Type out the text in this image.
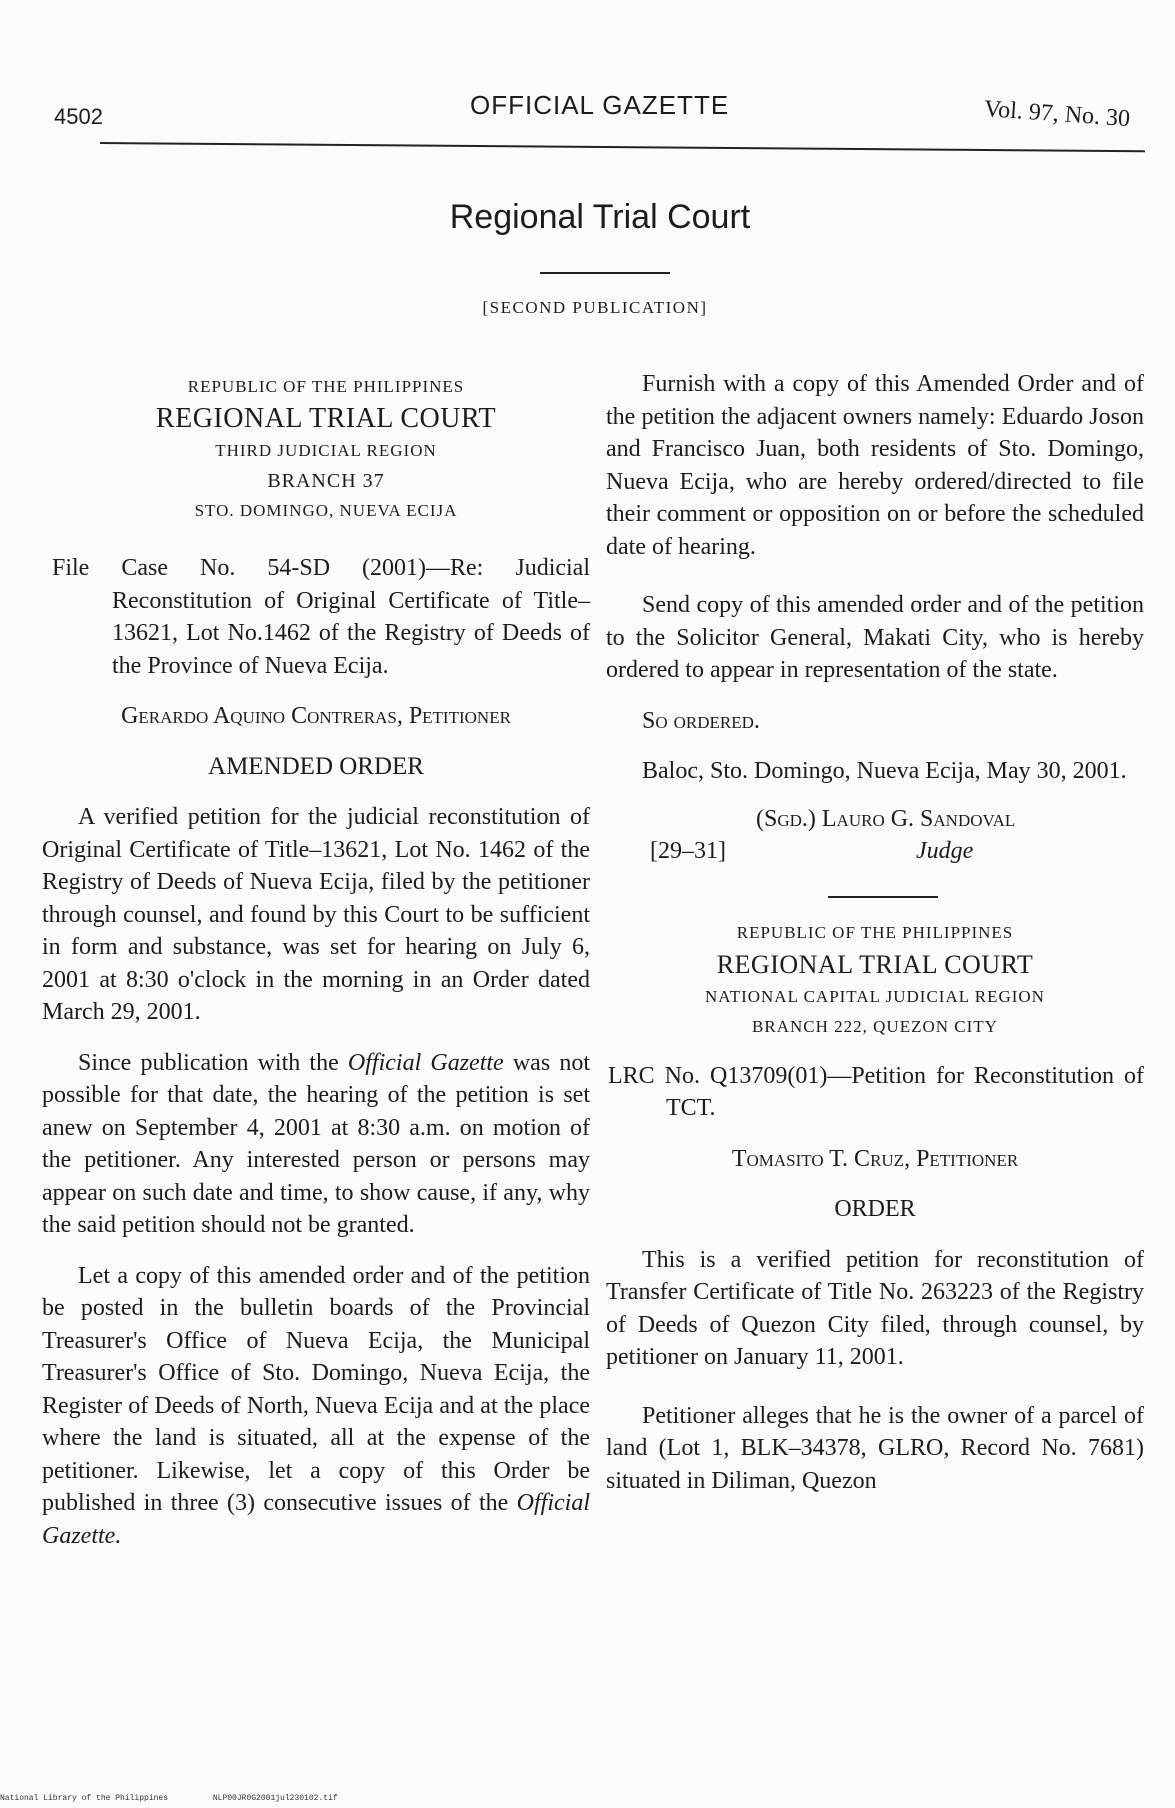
4502	OFFICIAL GAZETTE	Vol. 97, No. 30
Regional Trial Court
[SECOND PUBLICATION]
REPUBLIC OF THE PHILIPPINES
REGIONAL TRIAL COURT
THIRD JUDICIAL REGION
BRANCH 37
STO. DOMINGO, NUEVA ECIJA

File Case No. 54-SD (2001)—Re: Judicial Reconstitution of Original Certificate of Title–13621, Lot No.1462 of the Registry of Deeds of the Province of Nueva Ecija.

Gerardo Aquino Contreras, Petitioner

AMENDED ORDER

A verified petition for the judicial reconstitution of Original Certificate of Title–13621, Lot No. 1462 of the Registry of Deeds of Nueva Ecija, filed by the petitioner through counsel, and found by this Court to be sufficient in form and substance, was set for hearing on July 6, 2001 at 8:30 o'clock in the morning in an Order dated March 29, 2001.

Since publication with the Official Gazette was not possible for that date, the hearing of the petition is set anew on September 4, 2001 at 8:30 a.m. on motion of the petitioner. Any interested person or persons may appear on such date and time, to show cause, if any, why the said petition should not be granted.

Let a copy of this amended order and of the petition be posted in the bulletin boards of the Provincial Treasurer's Office of Nueva Ecija, the Municipal Treasurer's Office of Sto. Domingo, Nueva Ecija, the Register of Deeds of North, Nueva Ecija and at the place where the land is situated, all at the expense of the petitioner. Likewise, let a copy of this Order be published in three (3) consecutive issues of the Official Gazette.

Furnish with a copy of this Amended Order and of the petition the adjacent owners namely: Eduardo Joson and Francisco Juan, both residents of Sto. Domingo, Nueva Ecija, who are hereby ordered/directed to file their comment or opposition on or before the scheduled date of hearing.

Send copy of this amended order and of the petition to the Solicitor General, Makati City, who is hereby ordered to appear in representation of the state.

So ordered.

Baloc, Sto. Domingo, Nueva Ecija, May 30, 2001.

(Sgd.) Lauro G. Sandoval
[29–31]	Judge
REPUBLIC OF THE PHILIPPINES
REGIONAL TRIAL COURT
NATIONAL CAPITAL JUDICIAL REGION
BRANCH 222, QUEZON CITY

LRC No. Q13709(01)—Petition for Reconstitution of TCT.

Tomasito T. Cruz, Petitioner

ORDER

This is a verified petition for reconstitution of Transfer Certificate of Title No. 263223 of the Registry of Deeds of Quezon City filed, through counsel, by petitioner on January 11, 2001.

Petitioner alleges that he is the owner of a parcel of land (Lot 1, BLK–34378, GLRO, Record No. 7681) situated in Diliman, Quezon

National Library of the Philippines	NLP00JR0G2001jul230102.tif
